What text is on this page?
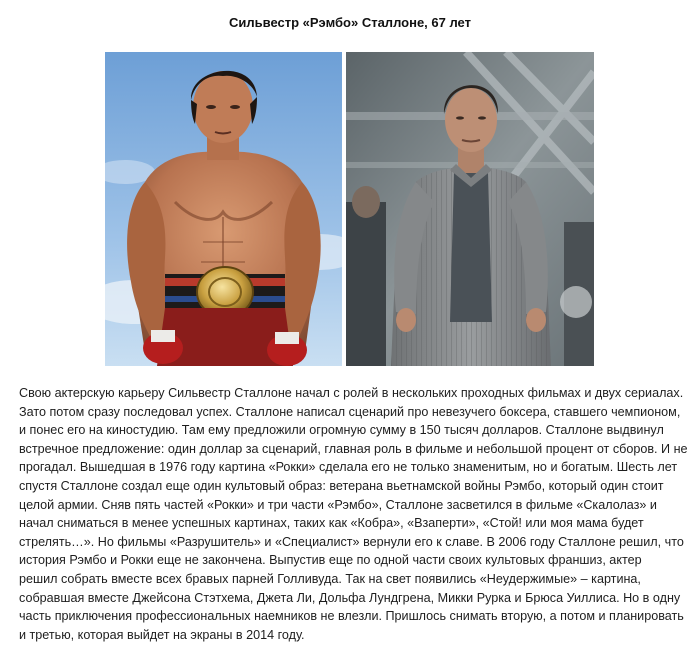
Сильвестр «Рэмбо» Сталлоне, 67 лет
Свою актерскую карьеру Сильвестр Сталлоне начал с ролей в нескольких проходных фильмах и двух сериалах.
Зато потом сразу последовал успех. Сталлоне написал сценарий про невезучего боксера, ставшего чемпионом,
и понес его на киностудию. Там ему предложили огромную сумму в 150 тысяч долларов. Сталлоне выдвинул
встречное предложение: один доллар за сценарий, главная роль в фильме и небольшой процент от сборов. И не
прогадал. Вышедшая в 1976 году картина «Рокки» сделала его не только знаменитым, но и богатым. Шесть лет
спустя Сталлоне создал еще один культовый образ: ветерана вьетнамской войны Рэмбо, который один стоит
целой армии. Сняв пять частей «Рокки» и три части «Рэмбо», Сталлоне засветился в фильме «Скалолаз» и
начал сниматься в менее успешных картинах, таких как «Кобра», «Взаперти», «Стой! или моя мама будет
стрелять…». Но фильмы «Разрушитель» и «Специалист» вернули его к славе. В 2006 году Сталлоне решил, что
история Рэмбо и Рокки еще не закончена. Выпустив еще по одной части своих культовых франшиз, актер
решил собрать вместе всех бравых парней Голливуда. Так на свет появились «Неудержимые» – картина,
собравшая вместе Джейсона Стэтхема, Джета Ли, Дольфа Лундгрена, Микки Рурка и Брюса Уиллиса. Но в одну
часть приключения профессиональных наемников не влезли. Пришлось снимать вторую, а потом и планировать
и третью, которая выйдет на экраны в 2014 году.
